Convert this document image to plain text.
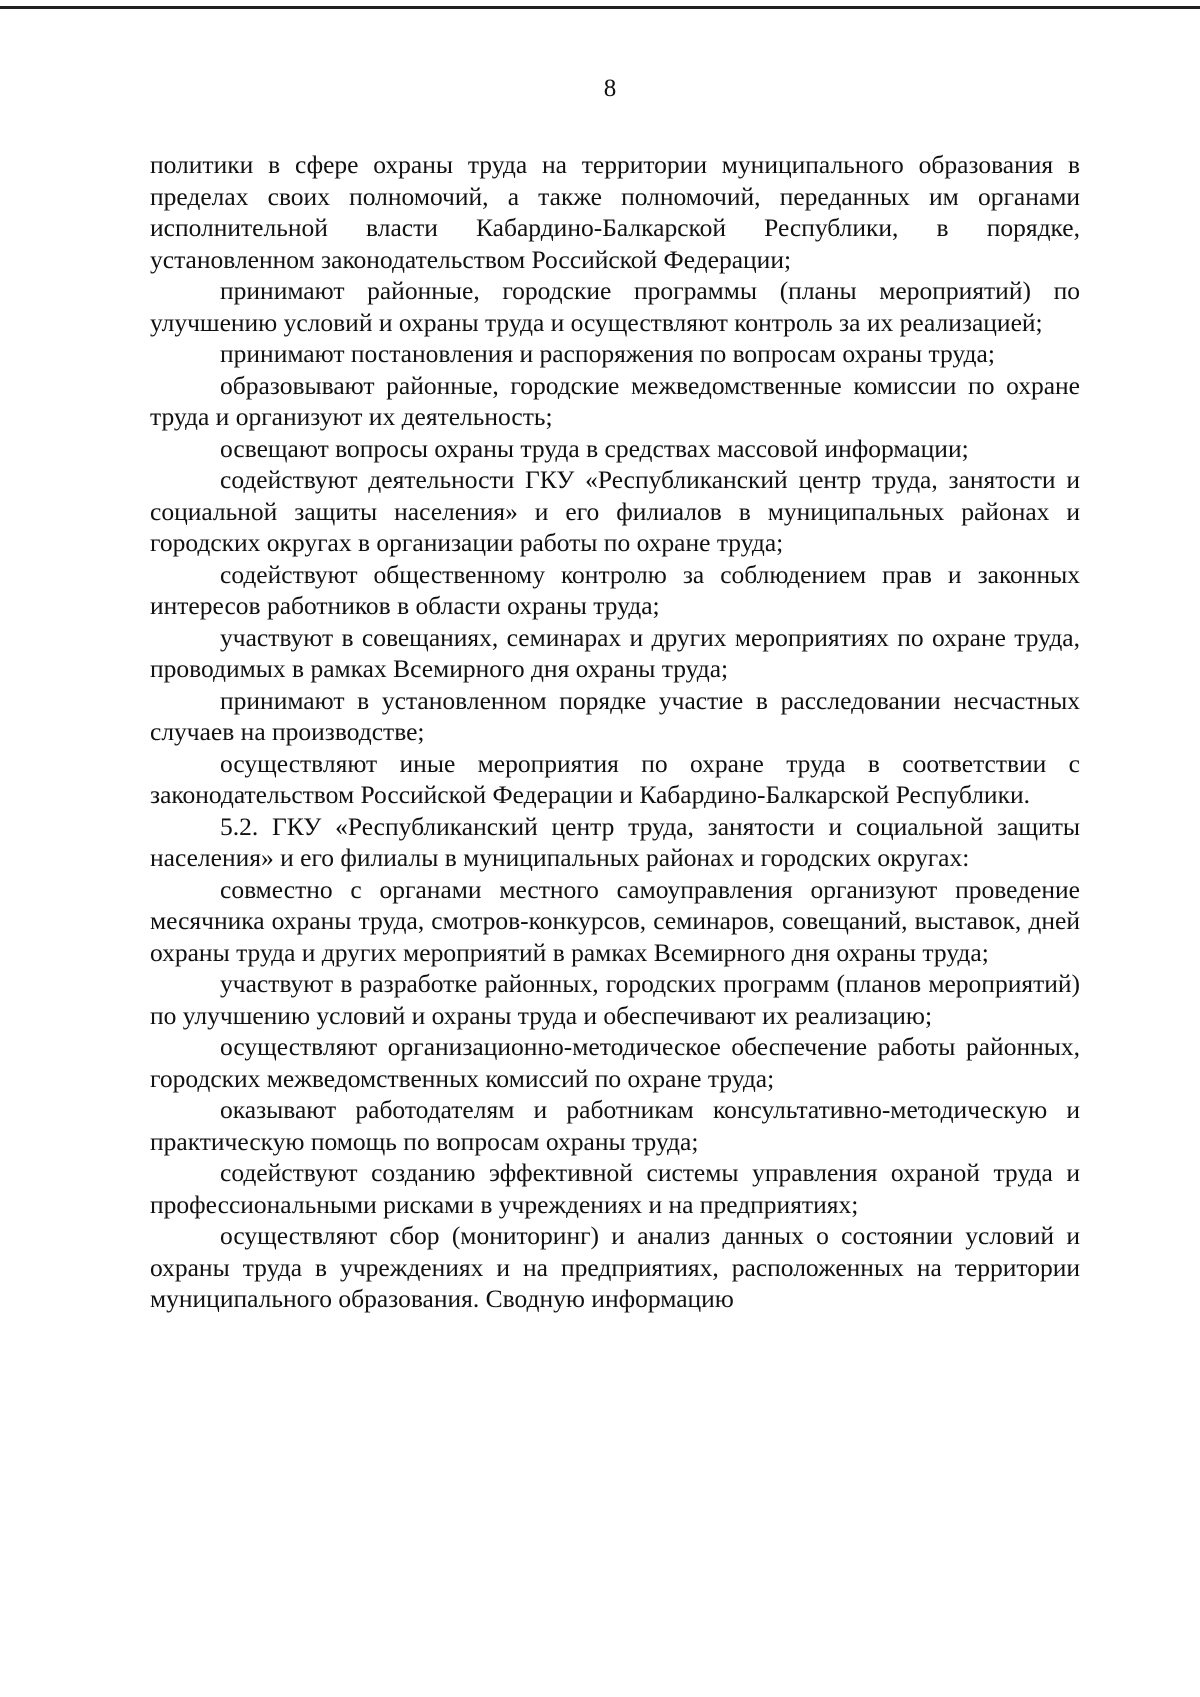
8

политики в сфере охраны труда на территории муниципального образования в пределах своих полномочий, а также полномочий, переданных им органами исполнительной власти Кабардино-Балкарской Республики, в порядке, установленном законодательством Российской Федерации;

принимают районные, городские программы (планы мероприятий) по улучшению условий и охраны труда и осуществляют контроль за их реализацией;

принимают постановления и распоряжения по вопросам охраны труда;

образовывают районные, городские межведомственные комиссии по охране труда и организуют их деятельность;

освещают вопросы охраны труда в средствах массовой информации;

содействуют деятельности ГКУ «Республиканский центр труда, занятости и социальной защиты населения» и его филиалов в муниципальных районах и городских округах в организации работы по охране труда;

содействуют общественному контролю за соблюдением прав и законных интересов работников в области охраны труда;

участвуют в совещаниях, семинарах и других мероприятиях по охране труда, проводимых в рамках Всемирного дня охраны труда;

принимают в установленном порядке участие в расследовании несчастных случаев на производстве;

осуществляют иные мероприятия по охране труда в соответствии с законодательством Российской Федерации и Кабардино-Балкарской Республики.

5.2. ГКУ «Республиканский центр труда, занятости и социальной защиты населения» и его филиалы в муниципальных районах и городских округах:

совместно с органами местного самоуправления организуют проведение месячника охраны труда, смотров-конкурсов, семинаров, совещаний, выставок, дней охраны труда и других мероприятий в рамках Всемирного дня охраны труда;

участвуют в разработке районных, городских программ (планов мероприятий) по улучшению условий и охраны труда и обеспечивают их реализацию;

осуществляют организационно-методическое обеспечение работы районных, городских межведомственных комиссий по охране труда;

оказывают работодателям и работникам консультативно-методическую и практическую помощь по вопросам охраны труда;

содействуют созданию эффективной системы управления охраной труда и профессиональными рисками в учреждениях и на предприятиях;

осуществляют сбор (мониторинг) и анализ данных о состоянии условий и охраны труда в учреждениях и на предприятиях, расположенных на территории муниципального образования. Сводную информацию
